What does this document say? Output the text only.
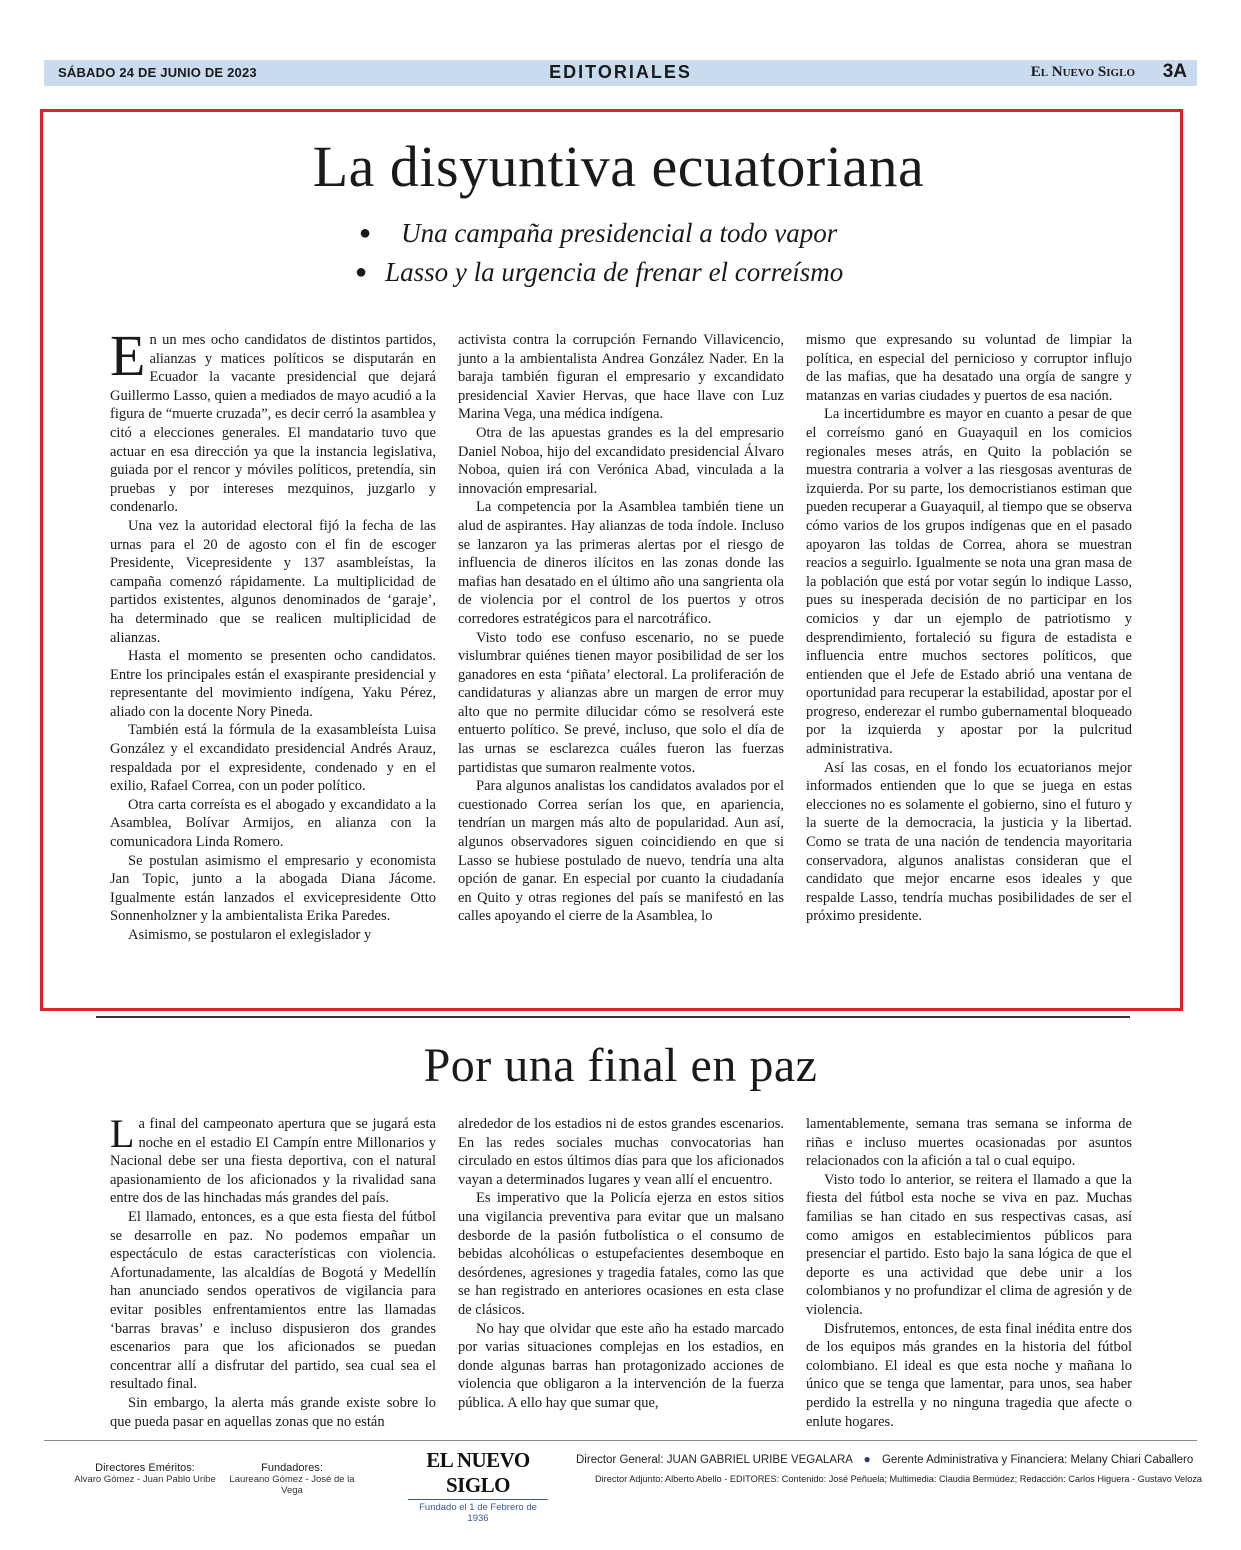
SÁBADO 24 DE JUNIO DE 2023	EDITORIALES	El Nuevo Siglo 3A
La disyuntiva ecuatoriana
● Una campaña presidencial a todo vapor
● Lasso y la urgencia de frenar el correísmo

En un mes ocho candidatos de distintos partidos, alianzas y matices políticos se disputarán en Ecuador la vacante presidencial que dejará Guillermo Lasso, quien a mediados de mayo acudió a la figura de “muerte cruzada”, es decir cerró la asamblea y citó a elecciones generales. El mandatario tuvo que actuar en esa dirección ya que la instancia legislativa, guiada por el rencor y móviles políticos, pretendía, sin pruebas y por intereses mezquinos, juzgarlo y condenarlo.

Una vez la autoridad electoral fijó la fecha de las urnas para el 20 de agosto con el fin de escoger Presidente, Vicepresidente y 137 asambleístas, la campaña comenzó rápidamente. La multiplicidad de partidos existentes, algunos denominados de ‘garaje’, ha determinado que se realicen multiplicidad de alianzas.

Hasta el momento se presenten ocho candidatos. Entre los principales están el exaspirante presidencial y representante del movimiento indígena, Yaku Pérez, aliado con la docente Nory Pineda.

También está la fórmula de la exasambleísta Luisa González y el excandidato presidencial Andrés Arauz, respaldada por el expresidente, condenado y en el exilio, Rafael Correa, con un poder político.

Otra carta correísta es el abogado y excandidato a la Asamblea, Bolívar Armijos, en alianza con la comunicadora Linda Romero.

Se postulan asimismo el empresario y economista Jan Topic, junto a la abogada Diana Jácome. Igualmente están lanzados el exvicepresidente Otto Sonnenholzner y la ambientalista Erika Paredes.

Asimismo, se postularon el exlegislador y

activista contra la corrupción Fernando Villavicencio, junto a la ambientalista Andrea González Nader. En la baraja también figuran el empresario y excandidato presidencial Xavier Hervas, que hace llave con Luz Marina Vega, una médica indígena.

Otra de las apuestas grandes es la del empresario Daniel Noboa, hijo del excandidato presidencial Álvaro Noboa, quien irá con Verónica Abad, vinculada a la innovación empresarial.

La competencia por la Asamblea también tiene un alud de aspirantes. Hay alianzas de toda índole. Incluso se lanzaron ya las primeras alertas por el riesgo de influencia de dineros ilícitos en las zonas donde las mafias han desatado en el último año una sangrienta ola de violencia por el control de los puertos y otros corredores estratégicos para el narcotráfico.

Visto todo ese confuso escenario, no se puede vislumbrar quiénes tienen mayor posibilidad de ser los ganadores en esta ‘piñata’ electoral. La proliferación de candidaturas y alianzas abre un margen de error muy alto que no permite dilucidar cómo se resolverá este entuerto político. Se prevé, incluso, que solo el día de las urnas se esclarezca cuáles fueron las fuerzas partidistas que sumaron realmente votos.

Para algunos analistas los candidatos avalados por el cuestionado Correa serían los que, en apariencia, tendrían un margen más alto de popularidad. Aun así, algunos observadores siguen coincidiendo en que si Lasso se hubiese postulado de nuevo, tendría una alta opción de ganar. En especial por cuanto la ciudadanía en Quito y otras regiones del país se manifestó en las calles apoyando el cierre de la Asamblea, lo

mismo que expresando su voluntad de limpiar la política, en especial del pernicioso y corruptor influjo de las mafias, que ha desatado una orgía de sangre y matanzas en varias ciudades y puertos de esa nación.

La incertidumbre es mayor en cuanto a pesar de que el correísmo ganó en Guayaquil en los comicios regionales meses atrás, en Quito la población se muestra contraria a volver a las riesgosas aventuras de izquierda. Por su parte, los democristianos estiman que pueden recuperar a Guayaquil, al tiempo que se observa cómo varios de los grupos indígenas que en el pasado apoyaron las toldas de Correa, ahora se muestran reacios a seguirlo. Igualmente se nota una gran masa de la población que está por votar según lo indique Lasso, pues su inesperada decisión de no participar en los comicios y dar un ejemplo de patriotismo y desprendimiento, fortaleció su figura de estadista e influencia entre muchos sectores políticos, que entienden que el Jefe de Estado abrió una ventana de oportunidad para recuperar la estabilidad, apostar por el progreso, enderezar el rumbo gubernamental bloqueado por la izquierda y apostar por la pulcritud administrativa.

Así las cosas, en el fondo los ecuatorianos mejor informados entienden que lo que se juega en estas elecciones no es solamente el gobierno, sino el futuro y la suerte de la democracia, la justicia y la libertad. Como se trata de una nación de tendencia mayoritaria conservadora, algunos analistas consideran que el candidato que mejor encarne esos ideales y que respalde Lasso, tendría muchas posibilidades de ser el próximo presidente.

Por una final en paz

La final del campeonato apertura que se jugará esta noche en el estadio El Campín entre Millonarios y Nacional debe ser una fiesta deportiva, con el natural apasionamiento de los aficionados y la rivalidad sana entre dos de las hinchadas más grandes del país.

El llamado, entonces, es a que esta fiesta del fútbol se desarrolle en paz. No podemos empañar un espectáculo de estas características con violencia. Afortunadamente, las alcaldías de Bogotá y Medellín han anunciado sendos operativos de vigilancia para evitar posibles enfrentamientos entre las llamadas ‘barras bravas’ e incluso dispusieron dos grandes escenarios para que los aficionados se puedan concentrar allí a disfrutar del partido, sea cual sea el resultado final.

Sin embargo, la alerta más grande existe sobre lo que pueda pasar en aquellas zonas que no están

alrededor de los estadios ni de estos grandes escenarios. En las redes sociales muchas convocatorias han circulado en estos últimos días para que los aficionados vayan a determinados lugares y vean allí el encuentro.

Es imperativo que la Policía ejerza en estos sitios una vigilancia preventiva para evitar que un malsano desborde de la pasión futbolística o el consumo de bebidas alcohólicas o estupefacientes desemboque en desórdenes, agresiones y tragedia fatales, como las que se han registrado en anteriores ocasiones en esta clase de clásicos.

No hay que olvidar que este año ha estado marcado por varias situaciones complejas en los estadios, en donde algunas barras han protagonizado acciones de violencia que obligaron a la intervención de la fuerza pública. A ello hay que sumar que,

lamentablemente, semana tras semana se informa de riñas e incluso muertes ocasionadas por asuntos relacionados con la afición a tal o cual equipo.

Visto todo lo anterior, se reitera el llamado a que la fiesta del fútbol esta noche se viva en paz. Muchas familias se han citado en sus respectivas casas, así como amigos en establecimientos públicos para presenciar el partido. Esto bajo la sana lógica de que el deporte es una actividad que debe unir a los colombianos y no profundizar el clima de agresión y de violencia.

Disfrutemos, entonces, de esta final inédita entre dos de los equipos más grandes en la historia del fútbol colombiano. El ideal es que esta noche y mañana lo único que se tenga que lamentar, para unos, sea haber perdido la estrella y no ninguna tragedia que afecte o enlute hogares.

Directores Eméritos:
Alvaro Gómez - Juan Pablo Uribe
Fundadores:
Laureano Gómez - José de la Vega
EL NUEVO SIGLO
Fundado el 1 de Febrero de 1936
Director General: JUAN GABRIEL URIBE VEGALARA ● Gerente Administrativa y Financiera: Melany Chiari Caballero
Director Adjunto: Alberto Abello - EDITORES: Contenido: José Peñuela; Multimedia: Claudia Bermúdez; Redacción: Carlos Higuera - Gustavo Veloza
